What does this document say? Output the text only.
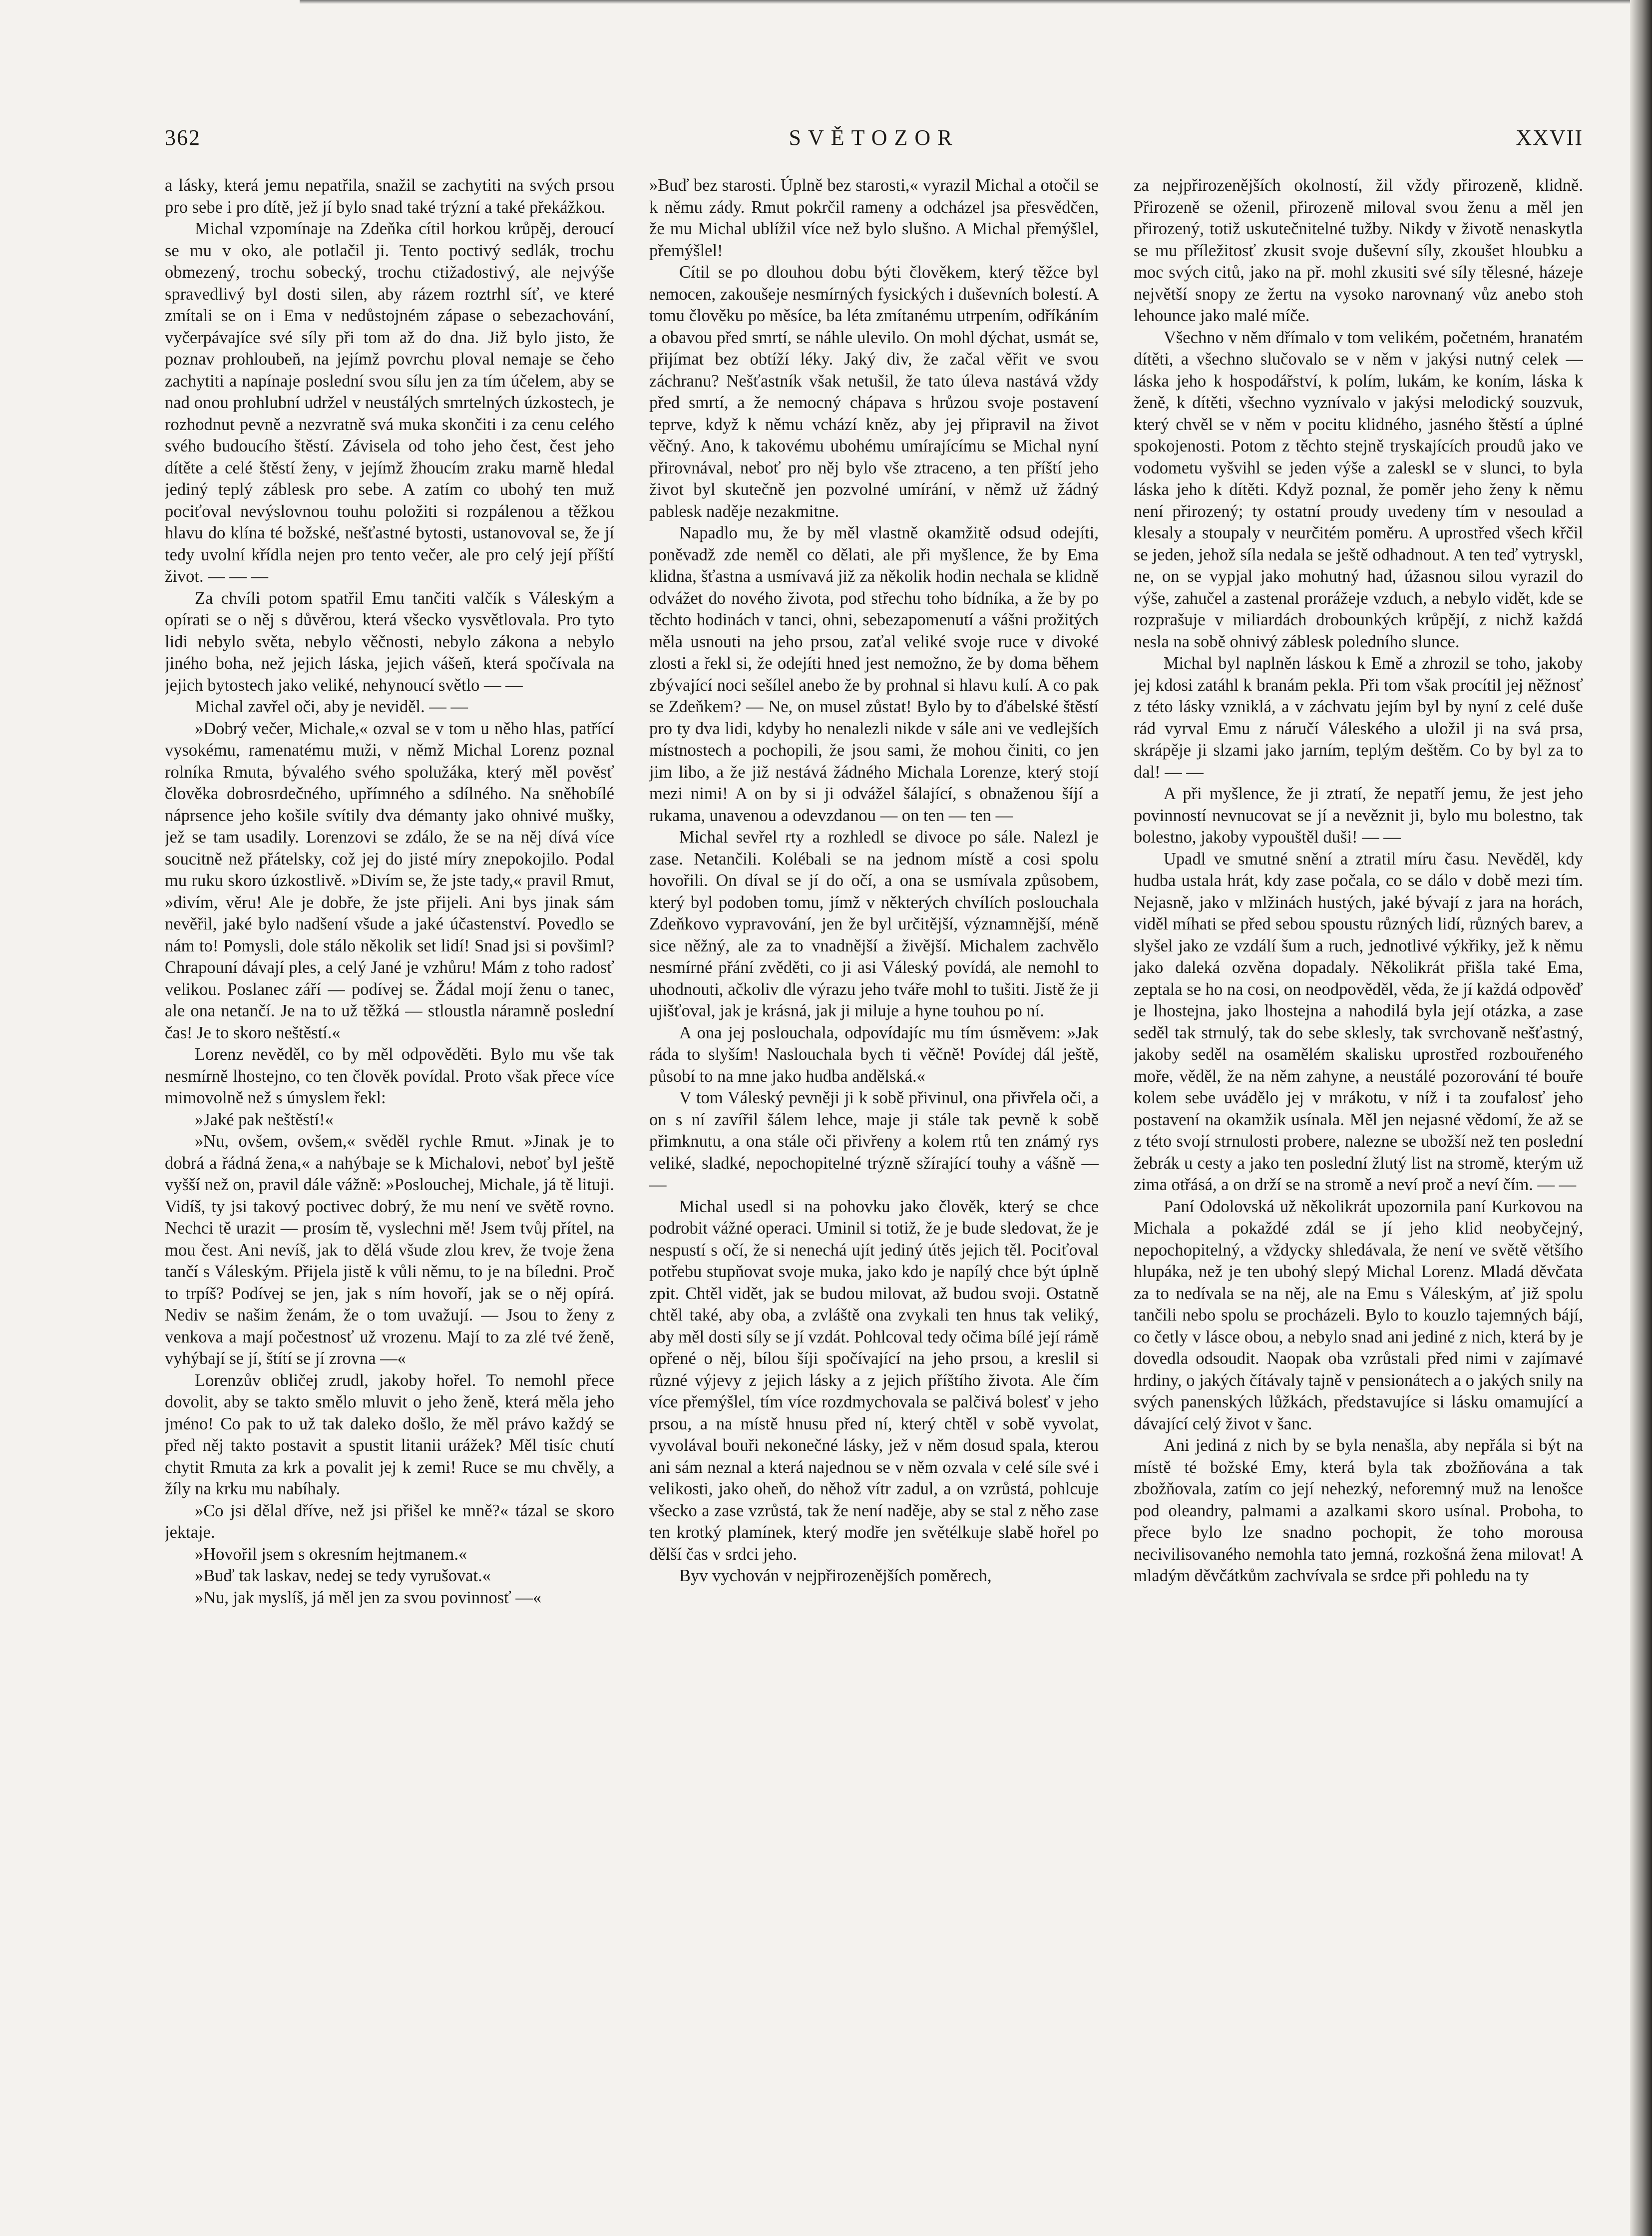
362	SVĚTOZOR	XXVII

a lásky, která jemu nepatřila, snažil se zachytiti na svých prsou pro sebe i pro dítě, jež jí bylo snad také trýzní a také překážkou.

Michal vzpomínaje na Zdeňka cítil horkou krůpěj, deroucí se mu v oko, ale potlačil ji. Tento poctivý sedlák, trochu obmezený, trochu sobecký, trochu ctižadostivý, ale nejvýše spravedlivý byl dosti silen, aby rázem roztrhl síť, ve které zmítali se on i Ema v nedůstojném zápase o sebezachování, vyčerpávajíce své síly při tom až do dna. Již bylo jisto, že poznav prohloubeň, na jejímž povrchu ploval nemaje se čeho zachytiti a napínaje poslední svou sílu jen za tím účelem, aby se nad onou prohlubní udržel v neustálých smrtelných úzkostech, je rozhodnut pevně a nezvratně svá muka skončiti i za cenu celého svého budoucího štěstí. Závisela od toho jeho čest, čest jeho dítěte a celé štěstí ženy, v jejímž žhoucím zraku marně hledal jediný teplý záblesk pro sebe. A zatím co ubohý ten muž pociťoval nevýslovnou touhu položiti si rozpálenou a těžkou hlavu do klína té božské, nešťastné bytosti, ustanovoval se, že jí tedy uvolní křídla nejen pro tento večer, ale pro celý její příští život. — — —

Za chvíli potom spatřil Emu tančiti valčík s Váleským a opírati se o něj s důvěrou, která všecko vysvětlovala. Pro tyto lidi nebylo světa, nebylo věčnosti, nebylo zákona a nebylo jiného boha, než jejich láska, jejich vášeň, která spočívala na jejich bytostech jako veliké, nehynoucí světlo — —

Michal zavřel oči, aby je neviděl. — —

»Dobrý večer, Michale,« ozval se v tom u něho hlas, patřící vysokému, ramenatému muži, v němž Michal Lorenz poznal rolníka Rmuta, bývalého svého spolužáka, který měl pověsť člověka dobrosrdečného, upřímného a sdílného. Na sněhobílé náprsence jeho košile svítily dva démanty jako ohnivé mušky, jež se tam usadily. Lorenzovi se zdálo, že se na něj dívá více soucitně než přátelsky, což jej do jisté míry znepokojilo. Podal mu ruku skoro úzkostlivě. »Divím se, že jste tady,« pravil Rmut, »divím, věru! Ale je dobře, že jste přijeli. Ani bys jinak sám nevěřil, jaké bylo nadšení všude a jaké účastenství. Povedlo se nám to! Pomysli, dole stálo několik set lidí! Snad jsi si povšiml? Chrapouní dávají ples, a celý Jané je vzhůru! Mám z toho radosť velikou. Poslanec září — podívej se. Žádal mojí ženu o tanec, ale ona netančí. Je na to už těžká — stloustla náramně poslední čas! Je to skoro neštěstí.«

Lorenz nevěděl, co by měl odpověděti. Bylo mu vše tak nesmírně lhostejno, co ten člověk povídal. Proto však přece více mimovolně než s úmyslem řekl:

»Jaké pak neštěstí!«

»Nu, ovšem, ovšem,« svěděl rychle Rmut. »Jinak je to dobrá a řádná žena,« a nahýbaje se k Michalovi, neboť byl ještě vyšší než on, pravil dále vážně: »Poslouchej, Michale, já tě lituji. Vidíš, ty jsi takový poctivec dobrý, že mu není ve světě rovno. Nechci tě urazit — prosím tě, vyslechni mě! Jsem tvůj přítel, na mou čest. Ani nevíš, jak to dělá všude zlou krev, že tvoje žena tančí s Váleským. Přijela jistě k vůli němu, to je na bíledni. Proč to trpíš? Podívej se jen, jak s ním hovoří, jak se o něj opírá. Nediv se našim ženám, že o tom uvažují. — Jsou to ženy z venkova a mají počestnosť už vrozenu. Mají to za zlé tvé ženě, vyhýbají se jí, štítí se jí zrovna —«

Lorenzův obličej zrudl, jakoby hořel. To nemohl přece dovolit, aby se takto smělo mluvit o jeho ženě, která měla jeho jméno! Co pak to už tak daleko došlo, že měl právo každý se před něj takto postavit a spustit litanii urážek? Měl tisíc chutí chytit Rmuta za krk a povalit jej k zemi! Ruce se mu chvěly, a žíly na krku mu nabíhaly.

»Co jsi dělal dříve, než jsi přišel ke mně?« tázal se skoro jektaje.

»Hovořil jsem s okresním hejtmanem.«

»Buď tak laskav, nedej se tedy vyrušovat.«

»Nu, jak myslíš, já měl jen za svou povinnosť —«

»Buď bez starosti. Úplně bez starosti,« vyrazil Michal a otočil se k němu zády. Rmut pokrčil rameny a odcházel jsa přesvědčen, že mu Michal ublížil více než bylo slušno. A Michal přemýšlel, přemýšlel!

Cítil se po dlouhou dobu býti člověkem, který těžce byl nemocen, zakoušeje nesmírných fysických i duševních bolestí. A tomu člověku po měsíce, ba léta zmítanému utrpením, odříkáním a obavou před smrtí, se náhle ulevilo. On mohl dýchat, usmát se, přijímat bez obtíží léky. Jaký div, že začal věřit ve svou záchranu? Nešťastník však netušil, že tato úleva nastává vždy před smrtí, a že nemocný chápava s hrůzou svoje postavení teprve, když k němu vchází kněz, aby jej připravil na život věčný. Ano, k takovému ubohému umírajícímu se Michal nyní přirovnával, neboť pro něj bylo vše ztraceno, a ten příští jeho život byl skutečně jen pozvolné umírání, v němž už žádný pablesk naděje nezakmitne.

Napadlo mu, že by měl vlastně okamžitě odsud odejíti, poněvadž zde neměl co dělati, ale při myšlence, že by Ema klidna, šťastna a usmívavá již za několik hodin nechala se klidně odvážet do nového života, pod střechu toho bídníka, a že by po těchto hodinách v tanci, ohni, sebezapomenutí a vášni prožitých měla usnouti na jeho prsou, zaťal veliké svoje ruce v divoké zlosti a řekl si, že odejíti hned jest nemožno, že by doma během zbývající noci sešílel anebo že by prohnal si hlavu kulí. A co pak se Zdeňkem? — Ne, on musel zůstat! Bylo by to ďábelské štěstí pro ty dva lidi, kdyby ho nenalezli nikde v sále ani ve vedlejších místnostech a pochopili, že jsou sami, že mohou činiti, co jen jim libo, a že již nestává žádného Michala Lorenze, který stojí mezi nimi! A on by si ji odvážel šálající, s obnaženou šíjí a rukama, unavenou a odevzdanou — on ten — ten —

Michal sevřel rty a rozhledl se divoce po sále. Nalezl je zase. Netančili. Kolébali se na jednom místě a cosi spolu hovořili. On díval se jí do očí, a ona se usmívala způsobem, který byl podoben tomu, jímž v některých chvílích poslouchala Zdeňkovo vypravování, jen že byl určitější, významnější, méně sice něžný, ale za to vnadnější a živější. Michalem zachvělo nesmírné přání zvěděti, co ji asi Váleský povídá, ale nemohl to uhodnouti, ačkoliv dle výrazu jeho tváře mohl to tušiti. Jistě že ji ujišťoval, jak je krásná, jak ji miluje a hyne touhou po ní.

A ona jej poslouchala, odpovídajíc mu tím úsměvem: »Jak ráda to slyším! Naslouchala bych ti věčně! Povídej dál ještě, působí to na mne jako hudba andělská.«

V tom Váleský pevněji ji k sobě přivinul, ona přivřela oči, a on s ní zavířil šálem lehce, maje ji stále tak pevně k sobě přimknutu, a ona stále oči přivřeny a kolem rtů ten známý rys veliké, sladké, nepochopitelné trýzně sžírající touhy a vášně — —

Michal usedl si na pohovku jako člověk, který se chce podrobit vážné operaci. Uminil si totiž, že je bude sledovat, že je nespustí s očí, že si nenechá ujít jediný útěs jejich těl. Pociťoval potřebu stupňovat svoje muka, jako kdo je napílý chce být úplně zpit. Chtěl vidět, jak se budou milovat, až budou svoji. Ostatně chtěl také, aby oba, a zvláště ona zvykali ten hnus tak veliký, aby měl dosti síly se jí vzdát. Pohlcoval tedy očima bílé její rámě opřené o něj, bílou šíji spočívající na jeho prsou, a kreslil si různé výjevy z jejich lásky a z jejich příštího života. Ale čím více přemýšlel, tím více rozdmychovala se palčivá bolesť v jeho prsou, a na místě hnusu před ní, který chtěl v sobě vyvolat, vyvolával bouři nekonečné lásky, jež v něm dosud spala, kterou ani sám neznal a která najednou se v něm ozvala v celé síle své i velikosti, jako oheň, do něhož vítr zadul, a on vzrůstá, pohlcuje všecko a zase vzrůstá, tak že není naděje, aby se stal z něho zase ten krotký plamínek, který modře jen světélkuje slabě hořel po dělší čas v srdci jeho.

Byv vychován v nejpřirozenějších poměrech,

za nejpřirozenějších okolností, žil vždy přirozeně, klidně. Přirozeně se oženil, přirozeně miloval svou ženu a měl jen přirozený, totiž uskutečnitelné tužby. Nikdy v životě nenaskytla se mu příležitosť zkusit svoje duševní síly, zkoušet hloubku a moc svých citů, jako na př. mohl zkusiti své síly tělesné, házeje největší snopy ze žertu na vysoko narovnaný vůz anebo stoh lehounce jako malé míče.

Všechno v něm dřímalo v tom velikém, početném, hranatém dítěti, a všechno slučovalo se v něm v jakýsi nutný celek — láska jeho k hospodářství, k polím, lukám, ke koním, láska k ženě, k dítěti, všechno vyznívalo v jakýsi melodický souzvuk, který chvěl se v něm v pocitu klidného, jasného štěstí a úplné spokojenosti. Potom z těchto stejně tryskajících proudů jako ve vodometu vyšvihl se jeden výše a zaleskl se v slunci, to byla láska jeho k dítěti. Když poznal, že poměr jeho ženy k němu není přirozený; ty ostatní proudy uvedeny tím v nesoulad a klesaly a stoupaly v neurčitém poměru. A uprostřed všech křčil se jeden, jehož síla nedala se ještě odhadnout. A ten teď vytryskl, ne, on se vypjal jako mohutný had, úžasnou silou vyrazil do výše, zahučel a zastenal prorážeje vzduch, a nebylo vidět, kde se rozprašuje v miliardách drobounkých krůpějí, z nichž každá nesla na sobě ohnivý záblesk poledního slunce.

Michal byl naplněn láskou k Emě a zhrozil se toho, jakoby jej kdosi zatáhl k branám pekla. Při tom však procítil jej něžnosť z této lásky vzniklá, a v záchvatu jejím byl by nyní z celé duše rád vyrval Emu z náručí Váleského a uložil ji na svá prsa, skrápěje ji slzami jako jarním, teplým deštěm. Co by byl za to dal! — —

A při myšlence, že ji ztratí, že nepatří jemu, že jest jeho povinností nevnucovat se jí a nevěznit ji, bylo mu bolestno, tak bolestno, jakoby vypouštěl duši! — —

Upadl ve smutné snění a ztratil míru času. Nevěděl, kdy hudba ustala hrát, kdy zase počala, co se dálo v době mezi tím. Nejasně, jako v mlžinách hustých, jaké bývají z jara na horách, viděl míhati se před sebou spoustu různých lidí, různých barev, a slyšel jako ze vzdálí šum a ruch, jednotlivé výkřiky, jež k němu jako daleká ozvěna dopadaly. Několikrát přišla také Ema, zeptala se ho na cosi, on neodpověděl, věda, že jí každá odpověď je lhostejna, jako lhostejna a nahodilá byla její otázka, a zase seděl tak strnulý, tak do sebe sklesly, tak svrchovaně nešťastný, jakoby seděl na osamělém skalisku uprostřed rozbouřeného moře, věděl, že na něm zahyne, a neustálé pozorování té bouře kolem sebe uvádělo jej v mrákotu, v níž i ta zoufalosť jeho postavení na okamžik usínala. Měl jen nejasné vědomí, že až se z této svojí strnulosti probere, nalezne se ubožší než ten poslední žebrák u cesty a jako ten poslední žlutý list na stromě, kterým už zima otřásá, a on drží se na stromě a neví proč a neví čím. — —

Paní Odolovská už několikrát upozornila paní Kurkovou na Michala a pokaždé zdál se jí jeho klid neobyčejný, nepochopitelný, a vždycky shledávala, že není ve světě většího hlupáka, než je ten ubohý slepý Michal Lorenz. Mladá děvčata za to nedívala se na něj, ale na Emu s Váleským, ať již spolu tančili nebo spolu se procházeli. Bylo to kouzlo tajemných bájí, co četly v lásce obou, a nebylo snad ani jediné z nich, která by je dovedla odsoudit. Naopak oba vzrůstali před nimi v zajímavé hrdiny, o jakých čítávaly tajně v pensionátech a o jakých snily na svých panenských lůžkách, představujíce si lásku omamující a dávající celý život v šanc.

Ani jediná z nich by se byla nenašla, aby nepřála si být na místě té božské Emy, která byla tak zbožňována a tak zbožňovala, zatím co její nehezký, neforemný muž na lenošce pod oleandry, palmami a azalkami skoro usínal. Proboha, to přece bylo lze snadno pochopit, že toho morousa necivilisovaného nemohla tato jemná, rozkošná žena milovat! A mladým děvčátkům zachvívala se srdce při pohledu na ty
